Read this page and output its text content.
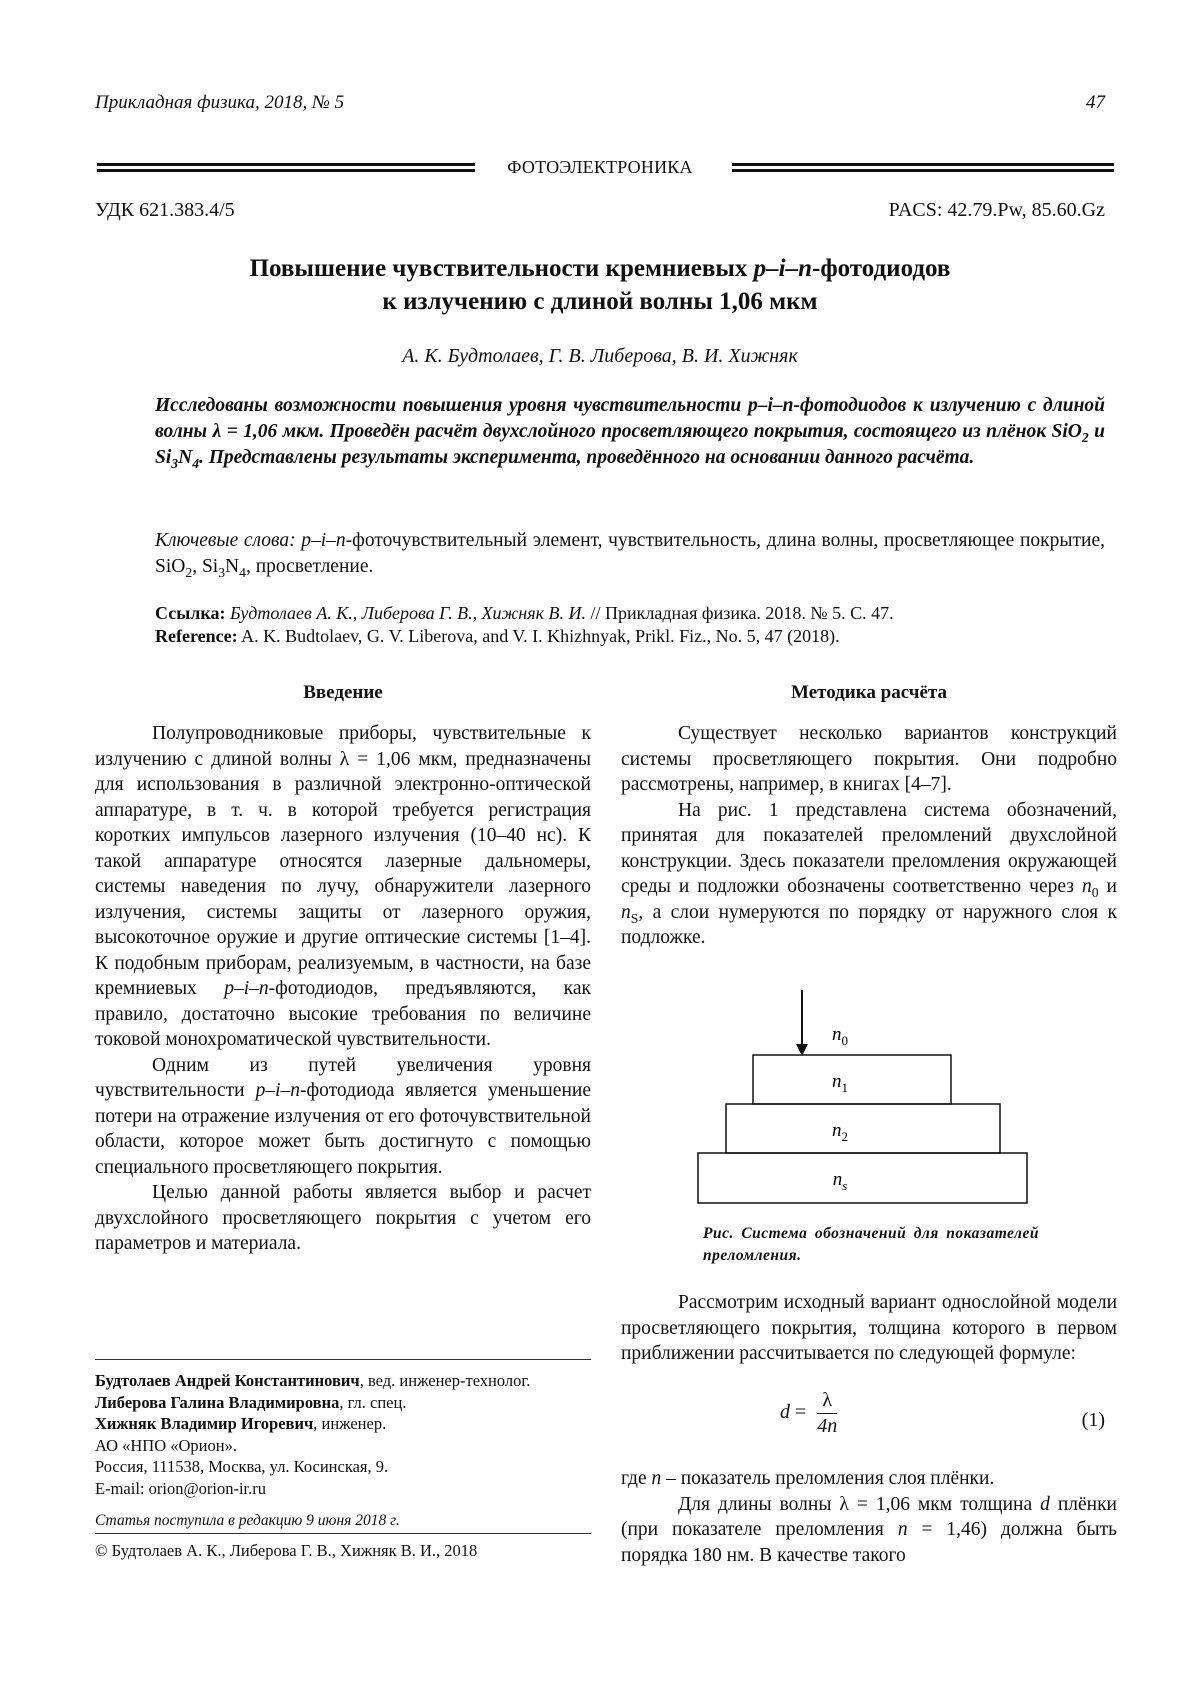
Прикладная физика, 2018, № 5	47
ФОТОЭЛЕКТРОНИКА
УДК 621.383.4/5	PACS: 42.79.Pw, 85.60.Gz
Повышение чувствительности кремниевых p–i–n-фотодиодов
к излучению с длиной волны 1,06 мкм
А. К. Будтолаев, Г. В. Либерова, В. И. Хижняк
Исследованы возможности повышения уровня чувствительности p–i–n-фотодиодов к излучению с длиной волны λ = 1,06 мкм. Проведён расчёт двухслойного просветляющего покрытия, состоящего из плёнок SiO$_2$ и $Si_3N_4$. Представлены результаты эксперимента, проведённого на основании данного расчёта.
Ключевые слова: p–i–n-фоточувствительный элемент, чувствительность, длина волны, просветляющее покрытие, SiO$_2$, $Si_3N_4$, просветление.
Ссылка: Будтолаев А. К., Либерова Г. В., Хижняк В. И. // Прикладная физика. 2018. № 5. С. 47.
Reference: A. K. Budtolaev, G. V. Liberova, and V. I. Khizhnyak, Prikl. Fiz., No. 5, 47 (2018).
Введение

Полупроводниковые приборы, чувствительные к излучению с длиной волны λ = 1,06 мкм, предназначены для использования в различной электронно-оптической аппаратуре, в т. ч. в которой требуется регистрация коротких импульсов лазерного излучения (10–40 нс). К такой аппаратуре относятся лазерные дальномеры, системы наведения по лучу, обнаружители лазерного излучения, системы защиты от лазерного оружия, высокоточное оружие и другие оптические системы [1–4]. К подобным приборам, реализуемым, в частности, на базе кремниевых p–i–n-фотодиодов, предъявляются, как правило, достаточно высокие требования по величине токовой монохроматической чувствительности.

Одним из путей увеличения уровня чувствительности p–i–n-фотодиода является уменьшение потери на отражение излучения от его фоточувствительной области, которое может быть достигнуто с помощью специального просветляющего покрытия.

Целью данной работы является выбор и расчет двухслойного просветляющего покрытия с учетом его параметров и материала.

Будтолаев Андрей Константинович, вед. инженер-технолог.
Либерова Галина Владимировна, гл. спец.
Хижняк Владимир Игоревич, инженер.
АО «НПО «Орион».
Россия, 111538, Москва, ул. Косинская, 9.
E-mail: orion@orion-ir.ru
Статья поступила в редакцию 9 июня 2018 г.
© Будтолаев А. К., Либерова Г. В., Хижняк В. И., 2018
Методика расчёта

Существует несколько вариантов конструкций системы просветляющего покрытия. Они подробно рассмотрены, например, в книгах [4–7].

На рис. 1 представлена система обозначений, принятая для показателей преломлений двухслойной конструкции. Здесь показатели преломления окружающей среды и подложки обозначены соответственно через $n_0$ и $n_S$, а слои нумеруются по порядку от наружного слоя к подложке.

$n_0$
$n_1$
$n_2$
$n_s$
Рис. Система обозначений для показателей преломления.

Рассмотрим исходный вариант однослойной модели просветляющего покрытия, толщина которого в первом приближении рассчитывается по следующей формуле:

$d = \frac{\lambda}{4n}$	(1)

где n – показатель преломления слоя плёнки.

Для длины волны λ = 1,06 мкм толщина d плёнки (при показателе преломления n = 1,46) должна быть порядка 180 нм. В качестве такого
